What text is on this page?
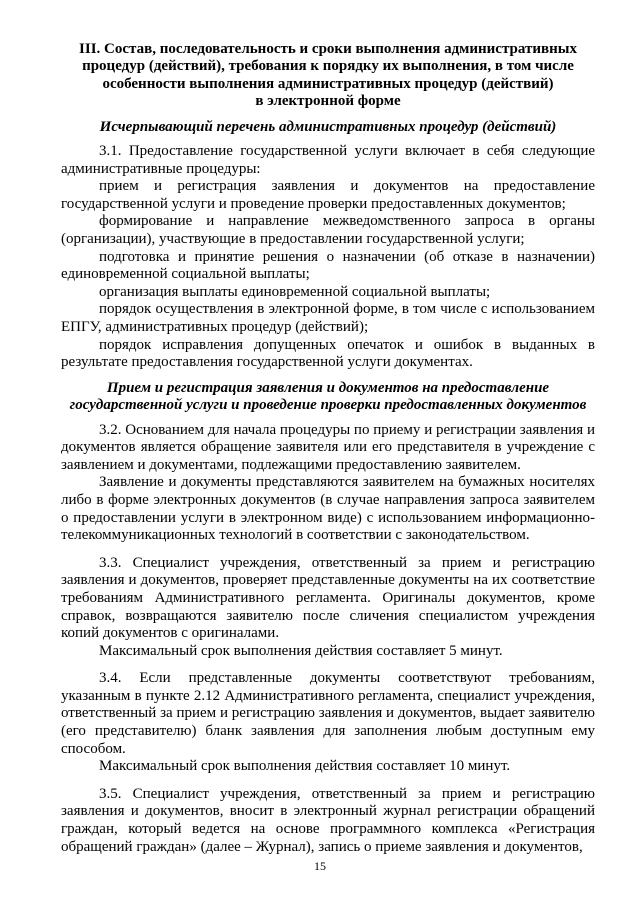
III. Состав, последовательность и сроки выполнения административных
процедур (действий), требования к порядку их выполнения, в том числе
особенности выполнения административных процедур (действий)
в электронной форме
Исчерпывающий перечень административных процедур (действий)

3.1. Предоставление государственной услуги включает в себя следующие административные процедуры:

прием и регистрация заявления и документов на предоставление государственной услуги и проведение проверки предоставленных документов;

формирование и направление межведомственного запроса в органы (организации), участвующие в предоставлении государственной услуги;

подготовка и принятие решения о назначении (об отказе в назначении) единовременной социальной выплаты;

организация выплаты единовременной социальной выплаты;

порядок осуществления в электронной форме, в том числе с использованием ЕПГУ, административных процедур (действий);

порядок исправления допущенных опечаток и ошибок в выданных в результате предоставления государственной услуги документах.

Прием и регистрация заявления и документов на предоставление
государственной услуги и проведение проверки предоставленных документов

3.2. Основанием для начала процедуры по приему и регистрации заявления и документов является обращение заявителя или его представителя в учреждение с заявлением и документами, подлежащими предоставлению заявителем.

Заявление и документы представляются заявителем на бумажных носителях либо в форме электронных документов (в случае направления запроса заявителем о предоставлении услуги в электронном виде) с использованием информационно-телекоммуникационных технологий в соответствии с законодательством.

3.3. Специалист учреждения, ответственный за прием и регистрацию заявления и документов, проверяет представленные документы на их соответствие требованиям Административного регламента. Оригиналы документов, кроме справок, возвращаются заявителю после сличения специалистом учреждения копий документов с оригиналами.

Максимальный срок выполнения действия составляет 5 минут.

3.4. Если представленные документы соответствуют требованиям, указанным в пункте 2.12 Административного регламента, специалист учреждения, ответственный за прием и регистрацию заявления и документов, выдает заявителю (его представителю) бланк заявления для заполнения любым доступным ему способом.

Максимальный срок выполнения действия составляет 10 минут.

3.5. Специалист учреждения, ответственный за прием и регистрацию заявления и документов, вносит в электронный журнал регистрации обращений граждан, который ведется на основе программного комплекса «Регистрация обращений граждан» (далее – Журнал), запись о приеме заявления и документов,

15
